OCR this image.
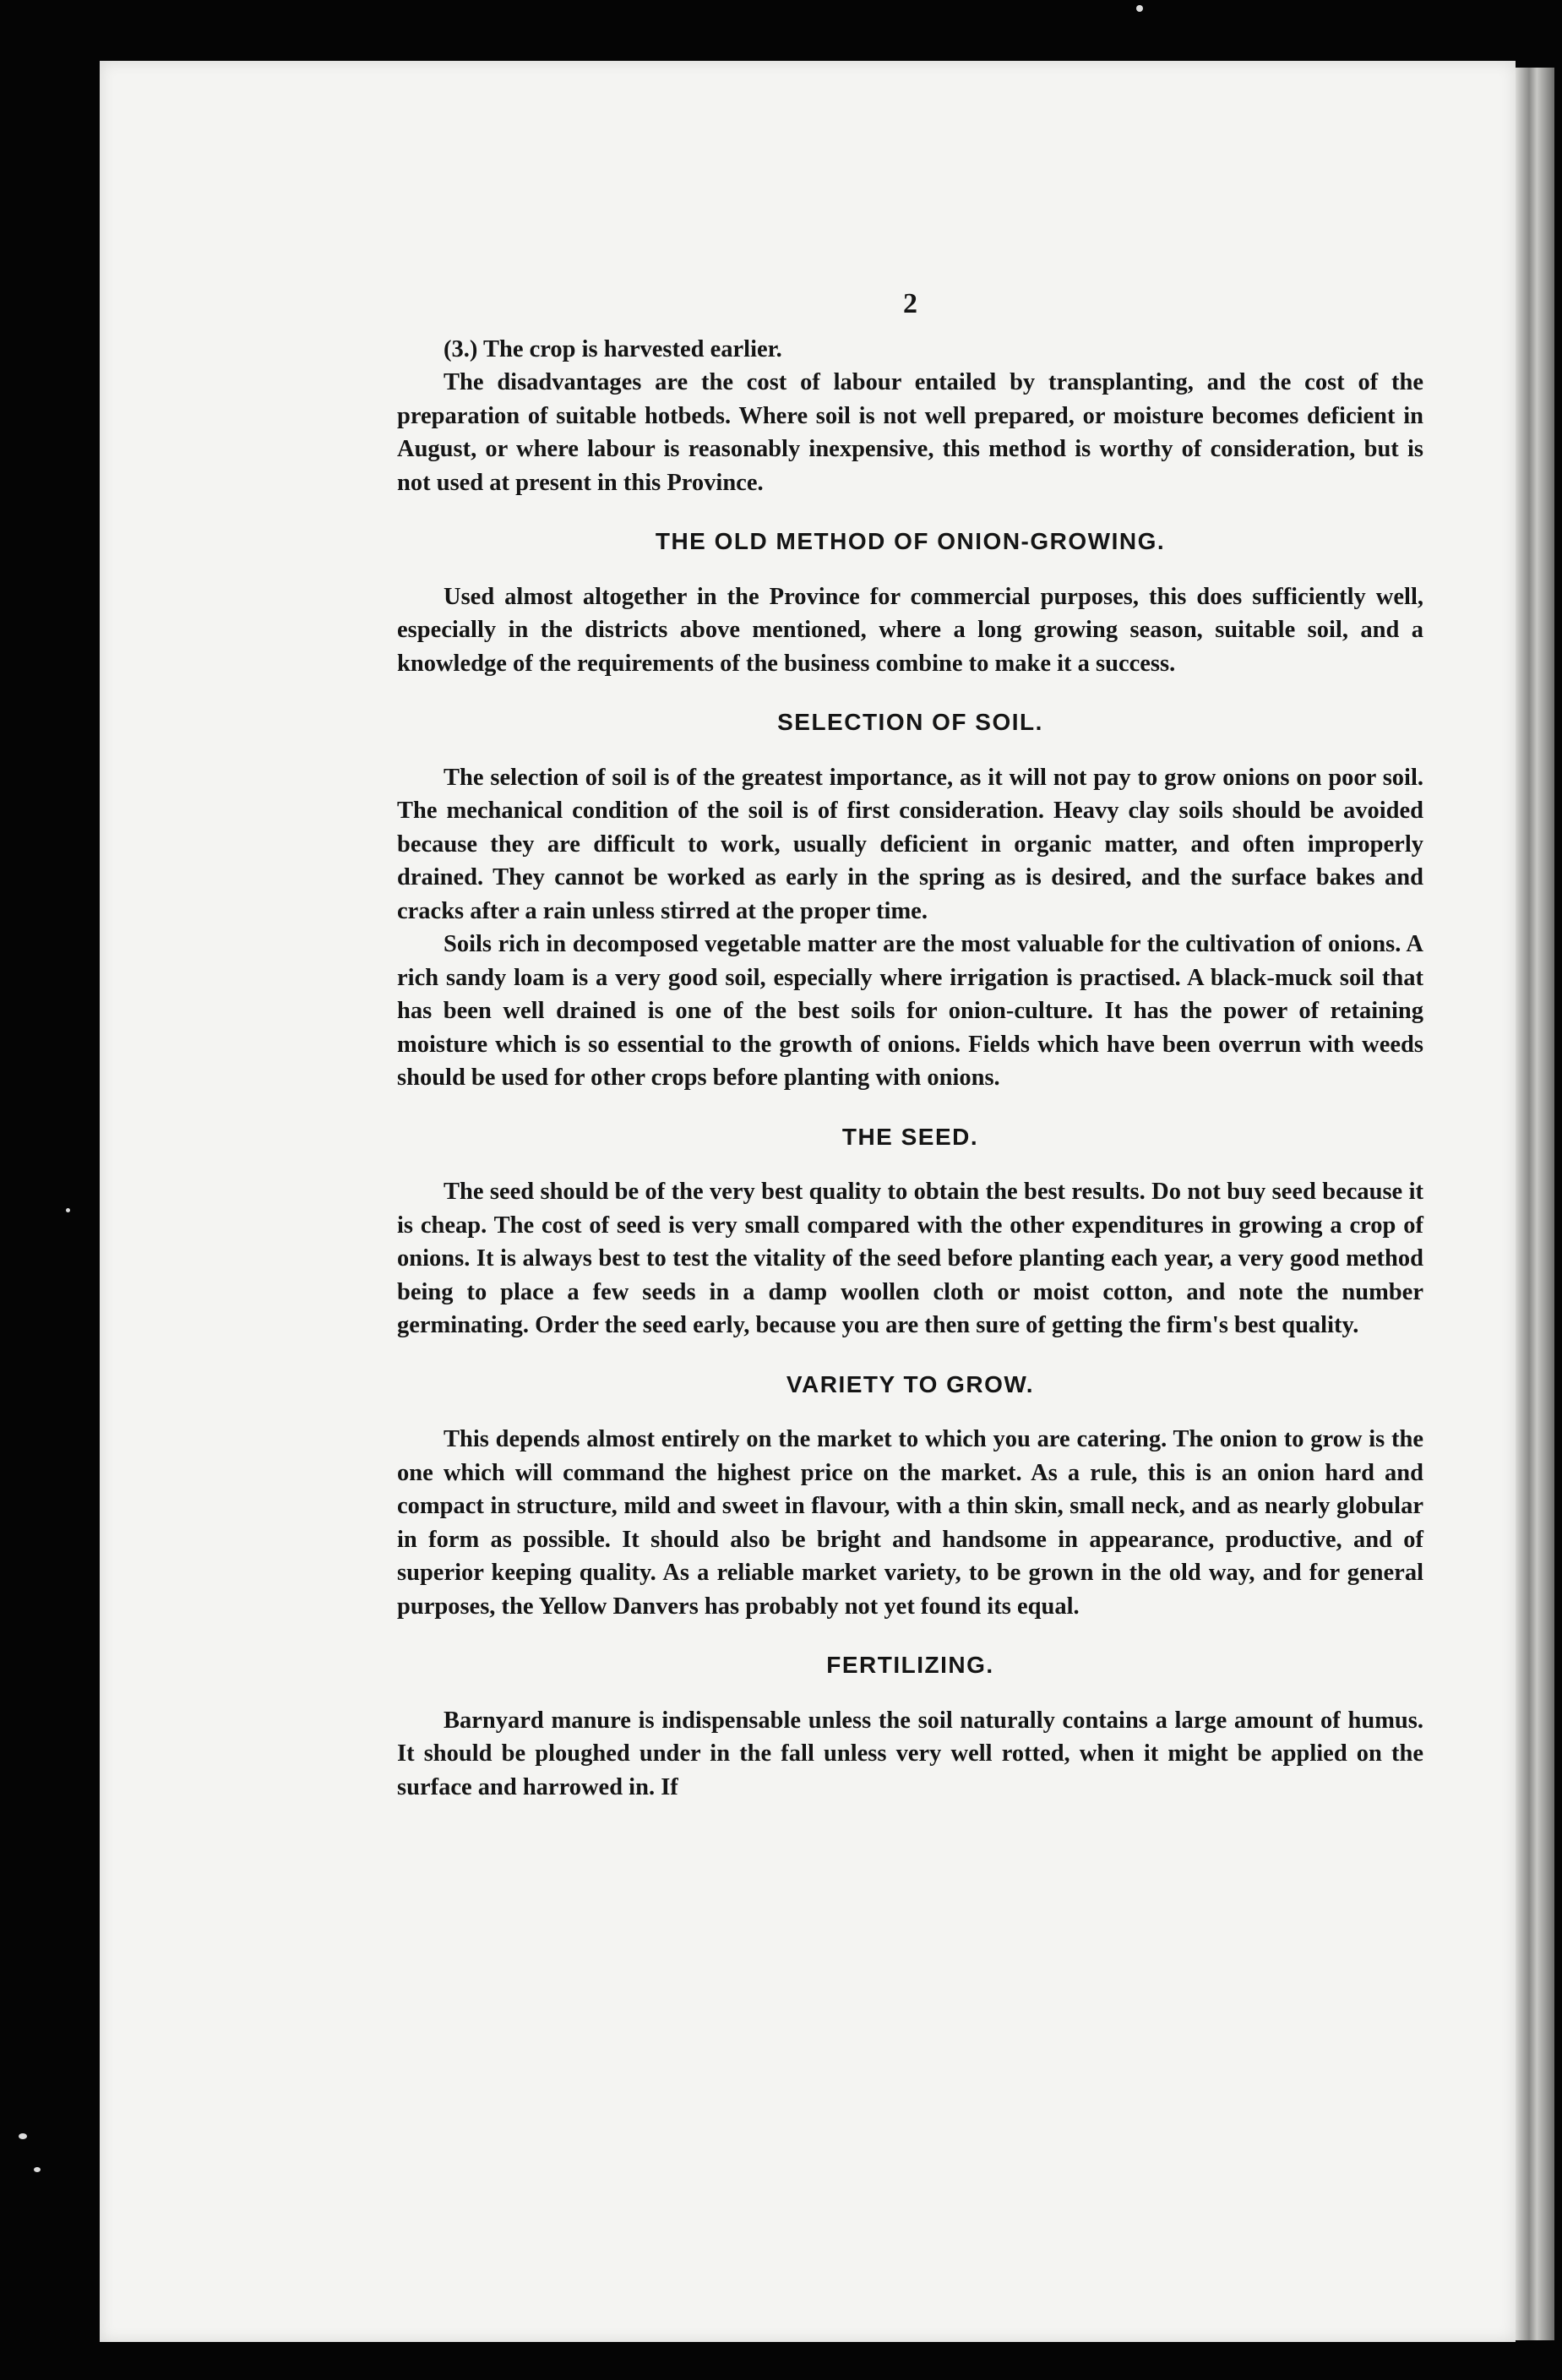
2

(3.) The crop is harvested earlier.

The disadvantages are the cost of labour entailed by transplanting, and the cost of the preparation of suitable hotbeds. Where soil is not well prepared, or moisture becomes deficient in August, or where labour is reasonably inexpensive, this method is worthy of consideration, but is not used at present in this Province.

THE OLD METHOD OF ONION-GROWING.

Used almost altogether in the Province for commercial purposes, this does sufficiently well, especially in the districts above mentioned, where a long growing season, suitable soil, and a knowledge of the requirements of the business combine to make it a success.

SELECTION OF SOIL.

The selection of soil is of the greatest importance, as it will not pay to grow onions on poor soil. The mechanical condition of the soil is of first consideration. Heavy clay soils should be avoided because they are difficult to work, usually deficient in organic matter, and often improperly drained. They cannot be worked as early in the spring as is desired, and the surface bakes and cracks after a rain unless stirred at the proper time.

Soils rich in decomposed vegetable matter are the most valuable for the cultivation of onions. A rich sandy loam is a very good soil, especially where irrigation is practised. A black-muck soil that has been well drained is one of the best soils for onion-culture. It has the power of retaining moisture which is so essential to the growth of onions. Fields which have been overrun with weeds should be used for other crops before planting with onions.

THE SEED.

The seed should be of the very best quality to obtain the best results. Do not buy seed because it is cheap. The cost of seed is very small compared with the other expenditures in growing a crop of onions. It is always best to test the vitality of the seed before planting each year, a very good method being to place a few seeds in a damp woollen cloth or moist cotton, and note the number germinating. Order the seed early, because you are then sure of getting the firm's best quality.

VARIETY TO GROW.

This depends almost entirely on the market to which you are catering. The onion to grow is the one which will command the highest price on the market. As a rule, this is an onion hard and compact in structure, mild and sweet in flavour, with a thin skin, small neck, and as nearly globular in form as possible. It should also be bright and handsome in appearance, productive, and of superior keeping quality. As a reliable market variety, to be grown in the old way, and for general purposes, the Yellow Danvers has probably not yet found its equal.

FERTILIZING.

Barnyard manure is indispensable unless the soil naturally contains a large amount of humus. It should be ploughed under in the fall unless very well rotted, when it might be applied on the surface and harrowed in. If
